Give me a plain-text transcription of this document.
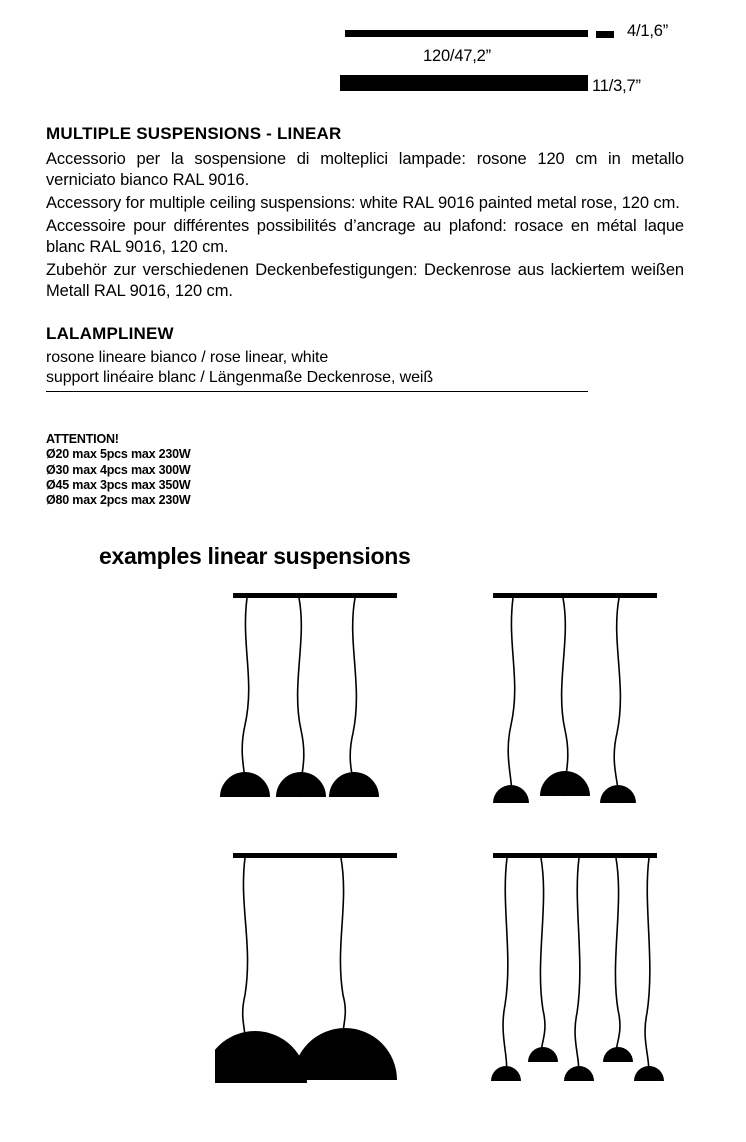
4/1,6”
120/47,2”
11/3,7”
MULTIPLE SUSPENSIONS - LINEAR

Accessorio per la sospensione di molteplici lampade: rosone 120 cm in metallo verniciato bianco RAL 9016.

Accessory for multiple ceiling suspensions: white RAL 9016 painted metal rose, 120 cm.

Accessoire pour différentes possibilités d’ancrage au plafond: rosace en métal laque blanc RAL 9016, 120 cm.

Zubehör zur verschiedenen Deckenbefestigungen: Deckenrose aus lackiertem weißen Metall RAL 9016, 120 cm.

LALAMPLINEW

rosone lineare bianco / rose linear, white

support linéaire blanc / Längenmaße Deckenrose, weiß

ATTENTION!
Ø20 max 5pcs max 230W
Ø30 max 4pcs max 300W
Ø45 max 3pcs max 350W
Ø80 max 2pcs max 230W
examples linear suspensions
